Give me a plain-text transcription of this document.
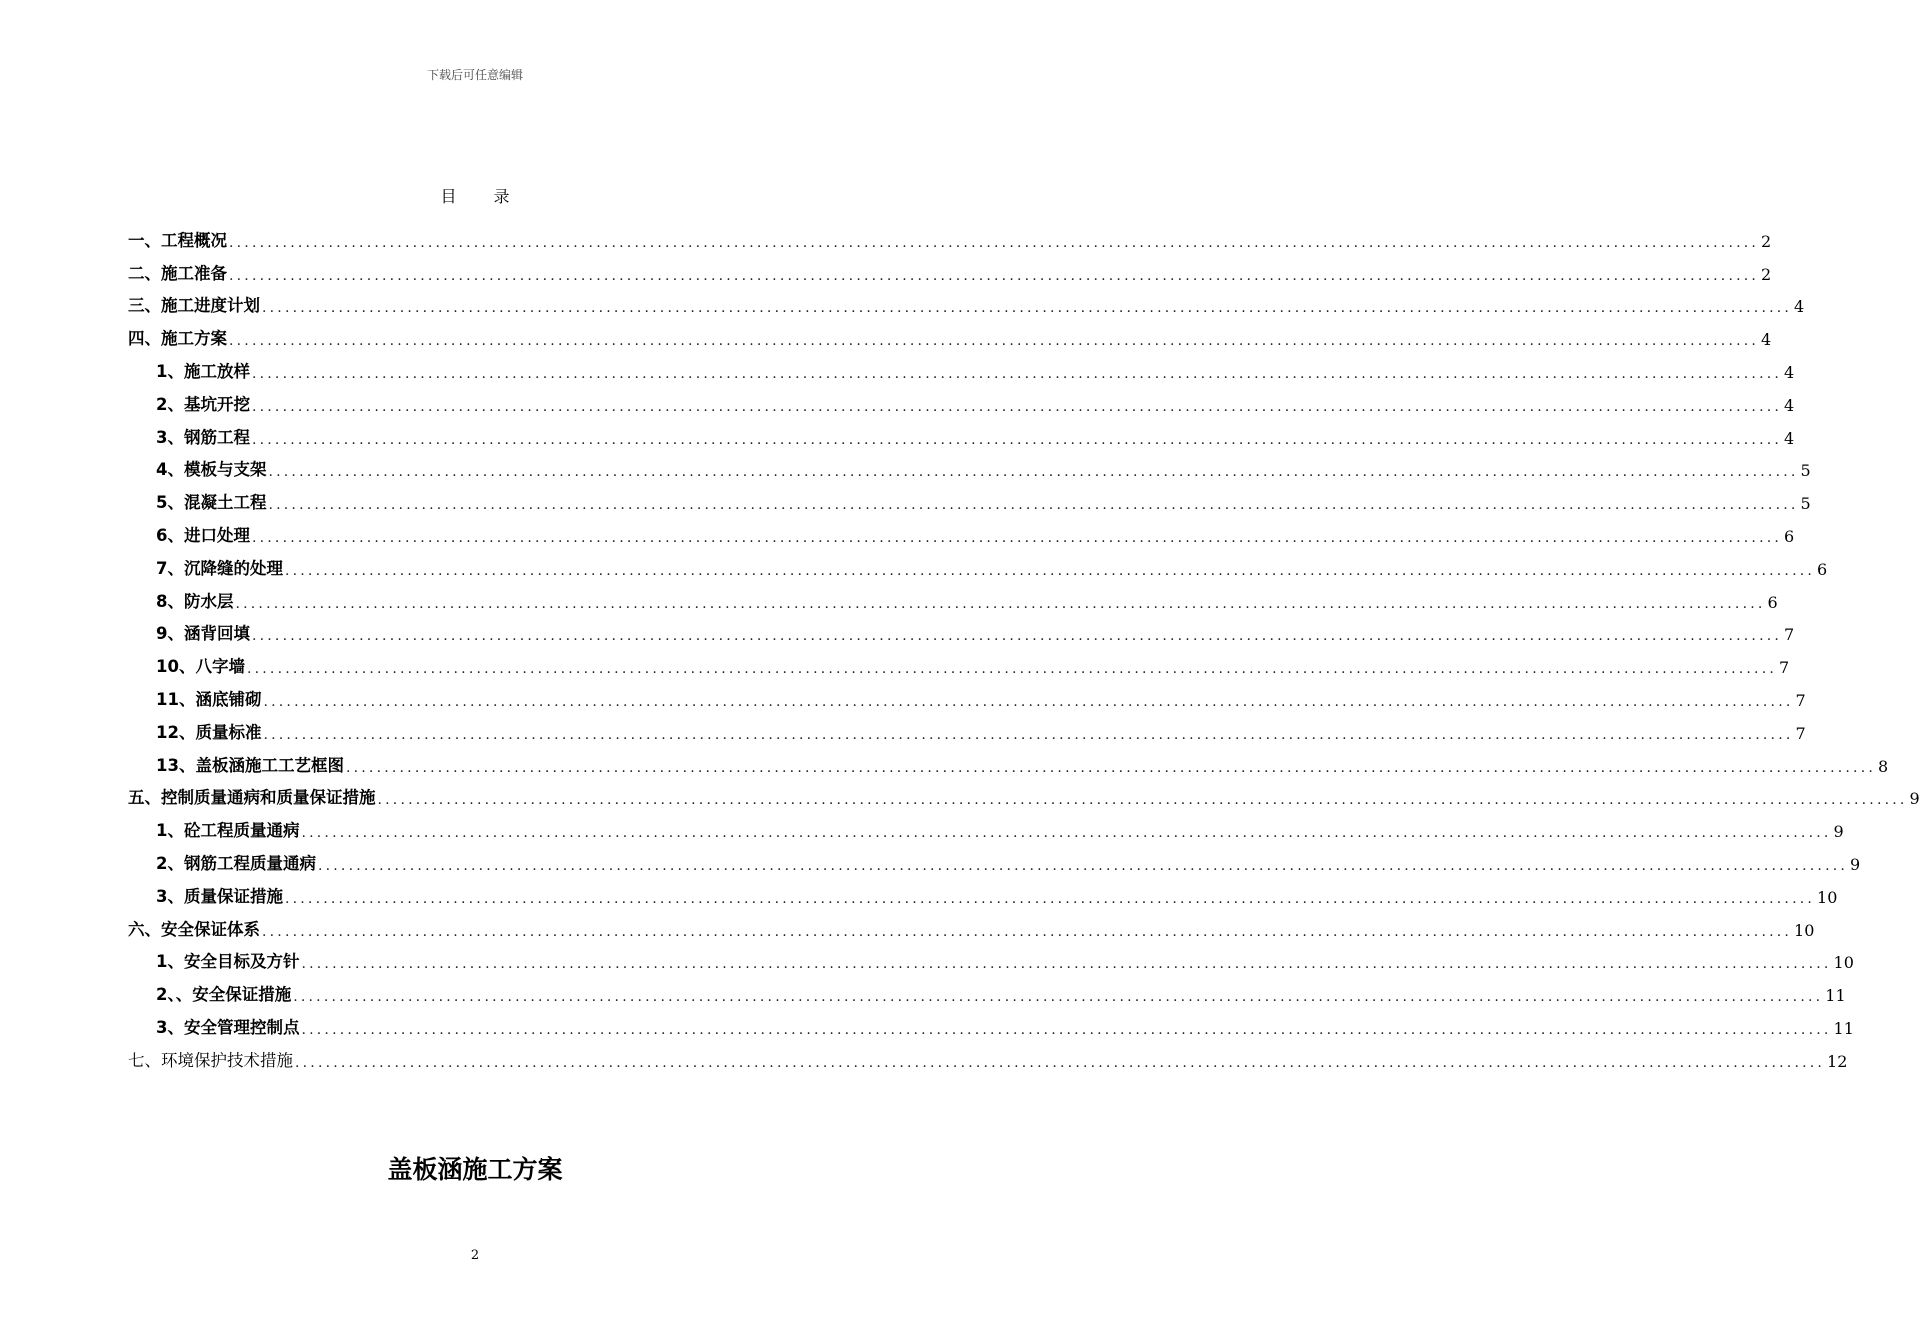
下载后可任意编辑
目 录
一、工程概况 ........................................................................................................................................................................................................ 2
二、施工准备 ........................................................................................................................................................................................................ 2
三、施工进度计划 ........................................................................................................................................................................................................ 4
四、施工方案 ........................................................................................................................................................................................................ 4
1、施工放样 ........................................................................................................................................................................................................ 4
2、基坑开挖 ........................................................................................................................................................................................................ 4
3、钢筋工程 ........................................................................................................................................................................................................ 4
4、模板与支架 ........................................................................................................................................................................................................ 5
5、混凝土工程 ........................................................................................................................................................................................................ 5
6、进口处理 ........................................................................................................................................................................................................ 6
7、沉降缝的处理 ........................................................................................................................................................................................................ 6
8、防水层 ........................................................................................................................................................................................................ 6
9、涵背回填 ........................................................................................................................................................................................................ 7
10、八字墙 ........................................................................................................................................................................................................ 7
11、涵底铺砌 ........................................................................................................................................................................................................ 7
12、质量标准 ........................................................................................................................................................................................................ 7
13、盖板涵施工工艺框图 ........................................................................................................................................................................................................ 8
五、控制质量通病和质量保证措施 ........................................................................................................................................................................................................ 9
1、砼工程质量通病 ........................................................................................................................................................................................................ 9
2、钢筋工程质量通病 ........................................................................................................................................................................................................ 9
3、质量保证措施 ........................................................................................................................................................................................................ 10
六、安全保证体系 ........................................................................................................................................................................................................ 10
1、安全目标及方针 ........................................................................................................................................................................................................ 10
2、、安全保证措施 ........................................................................................................................................................................................................ 11
3、安全管理控制点 ........................................................................................................................................................................................................ 11
七、环境保护技术措施 ........................................................................................................................................................................................................ 12
盖板涵施工方案
2
